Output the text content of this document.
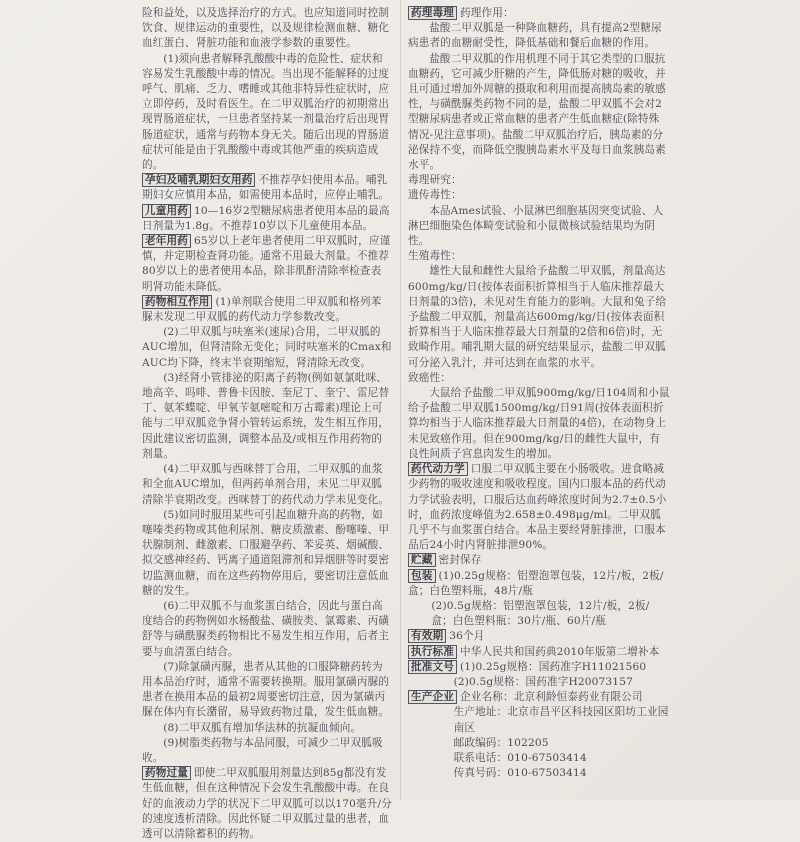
险和益处，以及选择治疗的方式。也应知道同时控制饮食、规律运动的重要性，以及规律检测血糖、糖化血红蛋白、肾脏功能和血液学参数的重要性。

(1)须向患者解释乳酸酸中毒的危险性、症状和容易发生乳酸酸中毒的情况。当出现不能解释的过度呼气、肌痛、乏力、嗜睡或其他非特异性症状时，应立即停药，及时看医生。在二甲双胍治疗的初期常出现胃肠道症状，一旦患者坚持某一剂量治疗后出现胃肠道症状，通常与药物本身无关。随后出现的胃肠道症状可能是由于乳酸酸中毒或其他严重的疾病造成的。

孕妇及哺乳期妇女用药 不推荐孕妇使用本品。哺乳期妇女应慎用本品，如需使用本品时，应停止哺乳。

儿童用药 10—16岁2型糖尿病患者使用本品的最高日剂量为1.8g。不推荐10岁以下儿童使用本品。

老年用药 65岁以上老年患者使用二甲双胍时，应谨慎，并定期检查肾功能。通常不用最大剂量。不推荐80岁以上的患者使用本品，除非肌酐清除率检查表明肾功能未降低。

药物相互作用 (1)单剂联合使用二甲双胍和格列苯脲未发现二甲双胍的药代动力学参数改变。

(2)二甲双胍与呋塞米(速尿)合用，二甲双胍的AUC增加，但肾清除无变化；同时呋塞米的Cmax和AUC均下降，终末半衰期缩短，肾清除无改变。

(3)经肾小管排泌的阳离子药物(例如氨氯吡咪、地高辛、吗啡、普鲁卡因胺、奎尼丁、奎宁、雷尼替丁、氨苯蝶啶、甲氧苄氨嘧啶和万古霉素)理论上可能与二甲双胍竞争肾小管转运系统，发生相互作用，因此建议密切监测，调整本品及/或相互作用药物的剂量。

(4)二甲双胍与西咪替丁合用，二甲双胍的血浆和全血AUC增加，但两药单剂合用，未见二甲双胍清除半衰期改变。西咪替丁的药代动力学未见变化。

(5)如同时服用某些可引起血糖升高的药物，如噻嗪类药物或其他利尿剂、糖皮质激素、酚噻嗪、甲状腺制剂、雌激素、口服避孕药、苯妥英、烟碱酸、拟交感神经药、钙离子通道阻滞剂和异烟肼等时要密切监测血糖，而在这些药物停用后，要密切注意低血糖的发生。

(6)二甲双胍不与血浆蛋白结合，因此与蛋白高度结合的药物例如水杨酸盐、磺胺类、氯霉素、丙磺舒等与磺酰脲类药物相比不易发生相互作用，后者主要与血清蛋白结合。

(7)除氯磺丙脲，患者从其他的口服降糖药转为用本品治疗时，通常不需要转换期。服用氯磺丙脲的患者在换用本品的最初2周要密切注意，因为氯磺丙脲在体内有长潴留，易导致药物过量，发生低血糖。

(8)二甲双胍有增加华法林的抗凝血倾向。

(9)树脂类药物与本品同服，可减少二甲双胍吸收。

药物过量 即使二甲双胍服用剂量达到85g都没有发生低血糖，但在这种情况下会发生乳酸酸中毒。在良好的血液动力学的状况下二甲双胍可以以170毫升/分的速度透析清除。因此怀疑二甲双胍过量的患者，血透可以清除蓄积的药物。

药理毒理 药理作用：

盐酸二甲双胍是一种降血糖药，具有提高2型糖尿病患者的血糖耐受性，降低基础和餐后血糖的作用。

盐酸二甲双胍的作用机理不同于其它类型的口服抗血糖药，它可减少肝糖的产生，降低肠对糖的吸收，并且可通过增加外周糖的摄取和利用而提高胰岛素的敏感性，与磺酰脲类药物不同的是，盐酸二甲双胍不会对2型糖尿病患者或正常血糖的患者产生低血糖症(除特殊情况-见注意事项)。盐酸二甲双胍治疗后，胰岛素的分泌保持不变，而降低空腹胰岛素水平及每日血浆胰岛素水平。

毒理研究：

遗传毒性：

本品Ames试验、小鼠淋巴细胞基因突变试验、人淋巴细胞染色体畸变试验和小鼠微核试验结果均为阴性。

生殖毒性：

雄性大鼠和雌性大鼠给予盐酸二甲双胍，剂量高达600mg/kg/日(按体表面积折算相当于人临床推荐最大日剂量的3倍)，未见对生育能力的影响。大鼠和兔子给予盐酸二甲双胍，剂量高达600mg/kg/日(按体表面积折算相当于人临床推荐最大日剂量的2倍和6倍)时，无致畸作用。哺乳期大鼠的研究结果显示，盐酸二甲双胍可分泌入乳汁，并可达到在血浆的水平。

致癌性：

大鼠给予盐酸二甲双胍900mg/kg/日104周和小鼠给予盐酸二甲双胍1500mg/kg/日91周(按体表面积折算均相当于人临床推荐最大日剂量的4倍)，在动物身上未见致癌作用。但在900mg/kg/日的雌性大鼠中，有良性间质子宫息肉发生的增加。

药代动力学 口服二甲双胍主要在小肠吸收。进食略减少药物的吸收速度和吸收程度。国内口服本品的药代动力学试验表明，口服后达血药峰浓度时间为2.7±0.5小时，血药浓度峰值为2.658±0.498μg/ml。二甲双胍几乎不与血浆蛋白结合。本品主要经肾脏排泄，口服本品后24小时内肾脏排泄90%。

贮藏 密封保存

包装 (1)0.25g规格：铝塑泡罩包装，12片/板，2板/盒；白色塑料瓶，48片/瓶

(2)0.5g规格：铝塑泡罩包装，12片/板，2板/盒；白色塑料瓶：30片/瓶、60片/瓶

有效期 36个月

执行标准 中华人民共和国药典2010年版第二增补本

批准文号 (1)0.25g规格：国药准字H11021560

(2)0.5g规格：国药准字H20073157

生产企业 企业名称：北京利龄恒泰药业有限公司

生产地址：北京市昌平区科技园区阳坊工业园南区

邮政编码：102205

联系电话：010-67503414

传真号码：010-67503414
